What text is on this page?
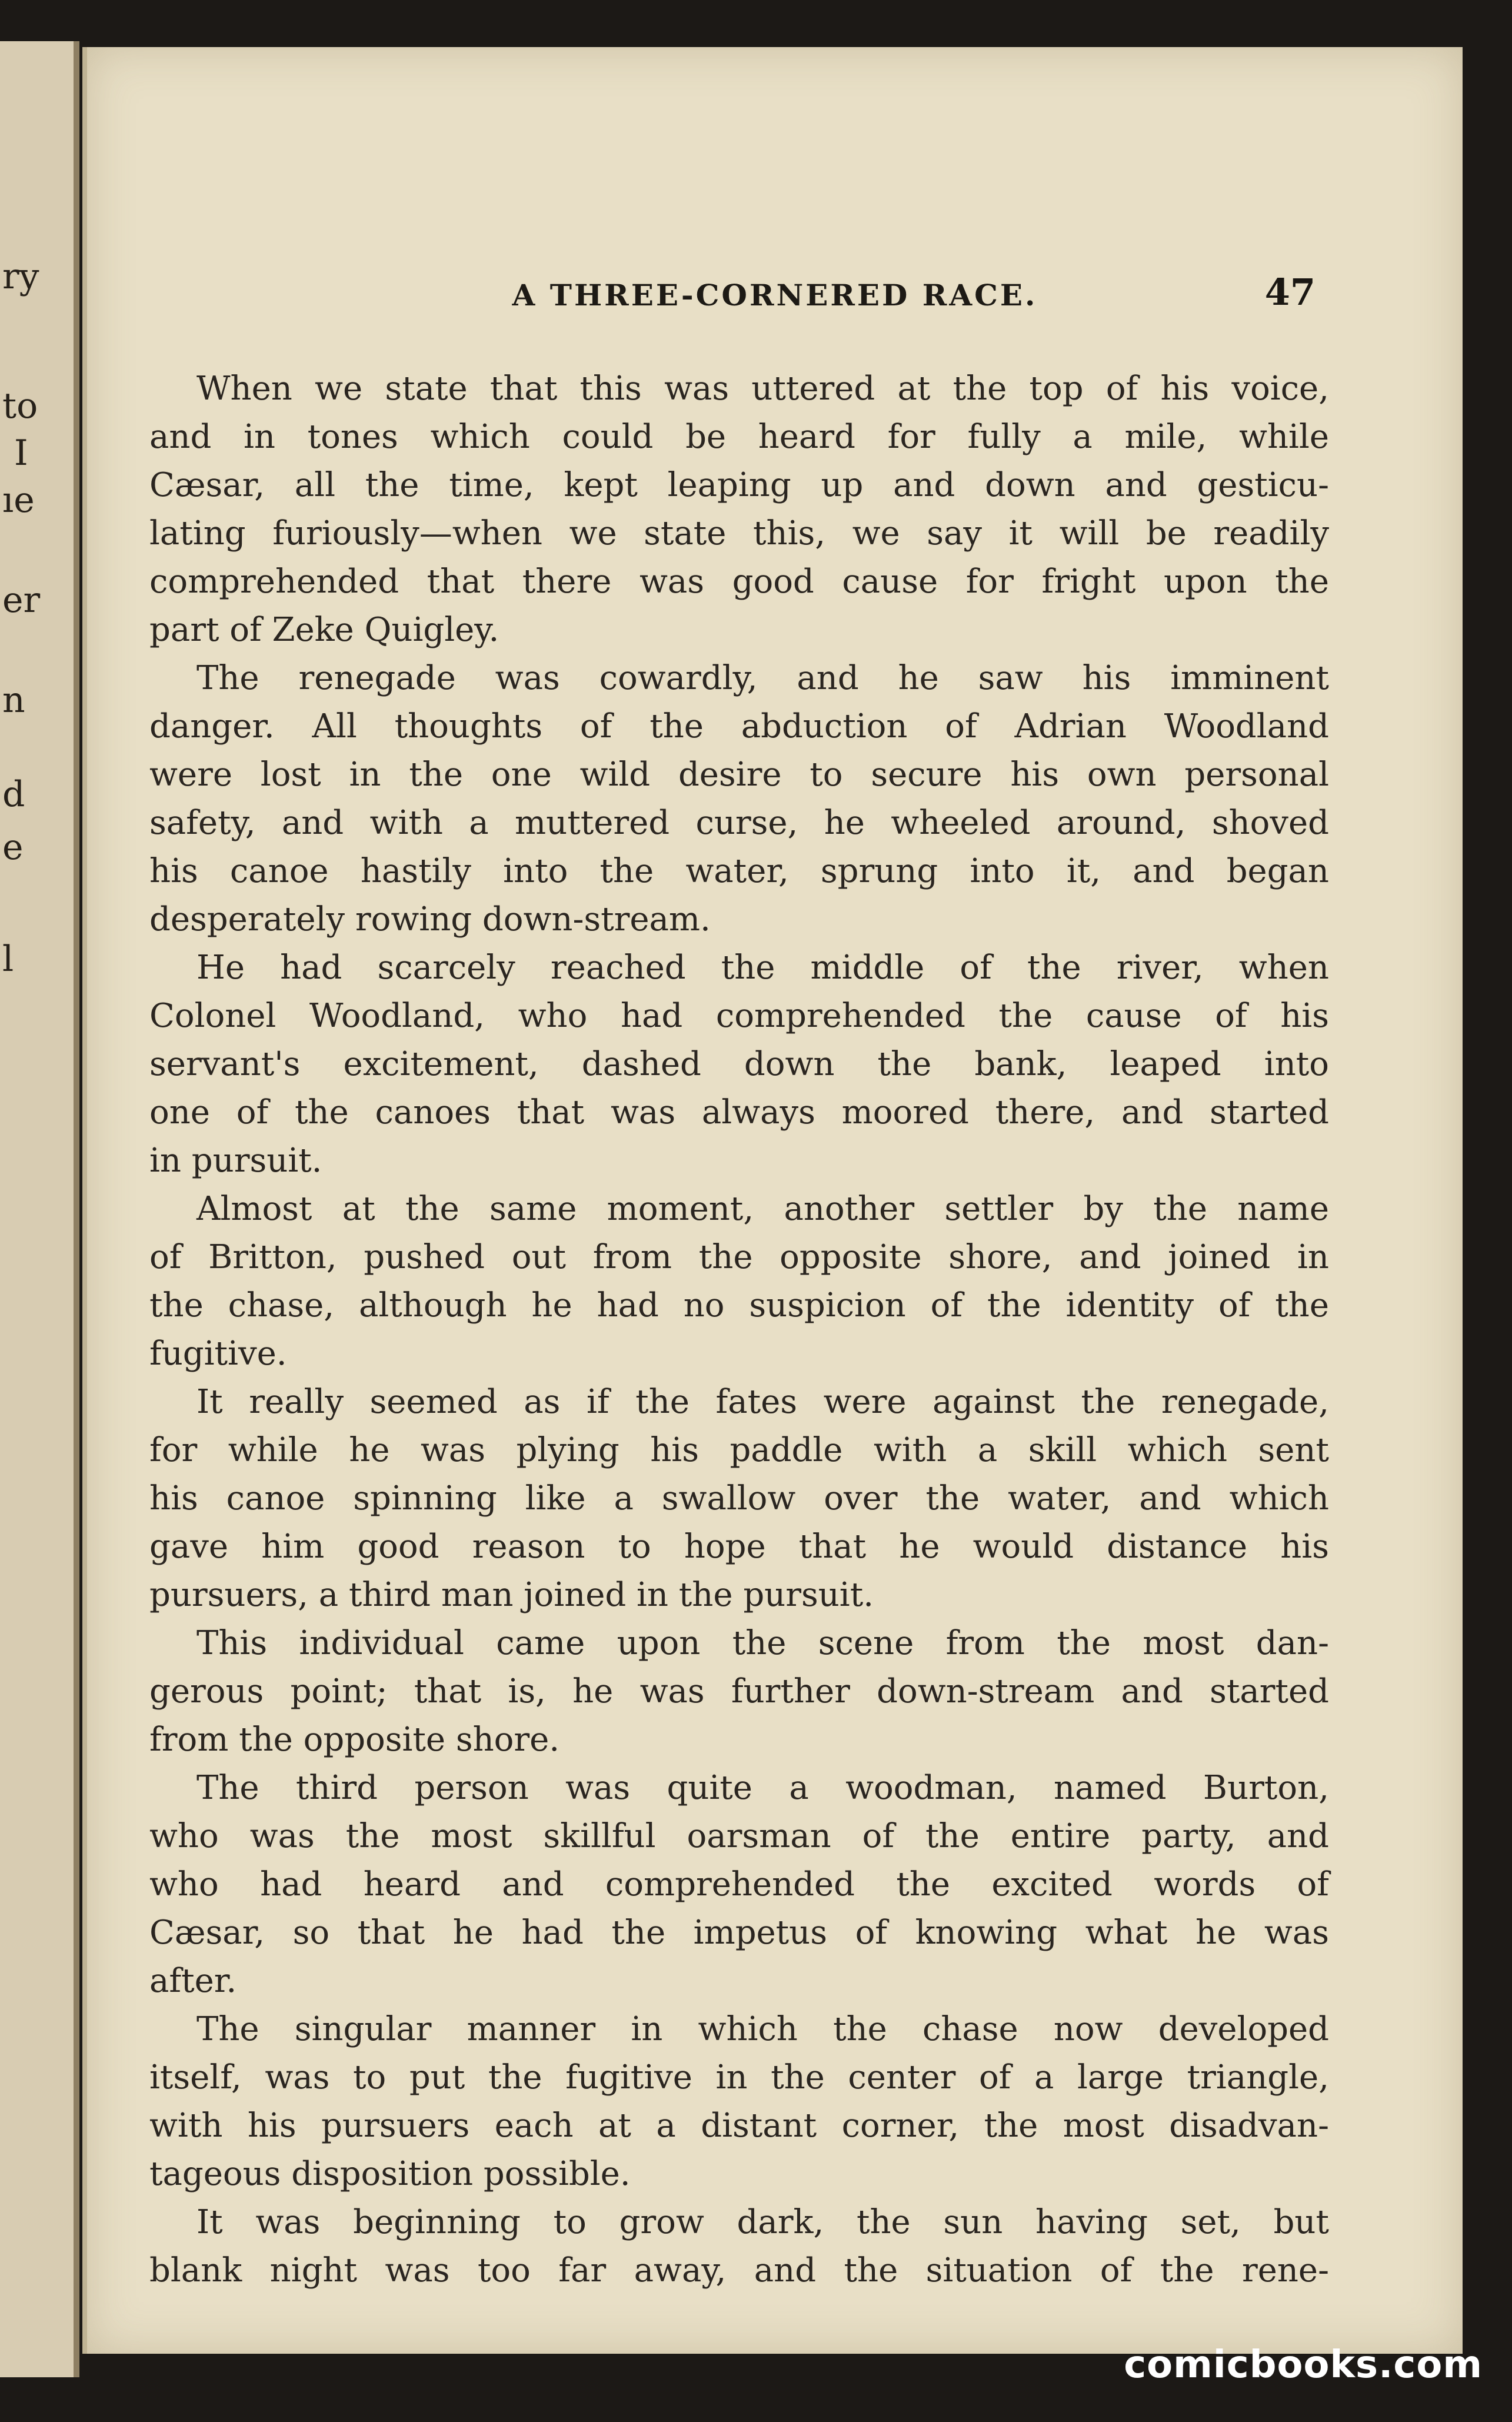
ry
to
I
ıe
er
n
d
e
l
A THREE-CORNERED RACE.	47
When we state that this was uttered at the top of his voice,
and in tones which could be heard for fully a mile, while
Cæsar, all the time, kept leaping up and down and gesticu-
lating furiously—when we state this, we say it will be readily
comprehended that there was good cause for fright upon the
part of Zeke Quigley.
The renegade was cowardly, and he saw his imminent
danger. All thoughts of the abduction of Adrian Woodland
were lost in the one wild desire to secure his own personal
safety, and with a muttered curse, he wheeled around, shoved
his canoe hastily into the water, sprung into it, and began
desperately rowing down-stream.
He had scarcely reached the middle of the river, when
Colonel Woodland, who had comprehended the cause of his
servant's excitement, dashed down the bank, leaped into
one of the canoes that was always moored there, and started
in pursuit.
Almost at the same moment, another settler by the name
of Britton, pushed out from the opposite shore, and joined in
the chase, although he had no suspicion of the identity of the
fugitive.
It really seemed as if the fates were against the renegade,
for while he was plying his paddle with a skill which sent
his canoe spinning like a swallow over the water, and which
gave him good reason to hope that he would distance his
pursuers, a third man joined in the pursuit.
This individual came upon the scene from the most dan-
gerous point; that is, he was further down-stream and started
from the opposite shore.
The third person was quite a woodman, named Burton,
who was the most skillful oarsman of the entire party, and
who had heard and comprehended the excited words of
Cæsar, so that he had the impetus of knowing what he was
after.
The singular manner in which the chase now developed
itself, was to put the fugitive in the center of a large triangle,
with his pursuers each at a distant corner, the most disadvan-
tageous disposition possible.
It was beginning to grow dark, the sun having set, but
blank night was too far away, and the situation of the rene-
comicbooks.com
